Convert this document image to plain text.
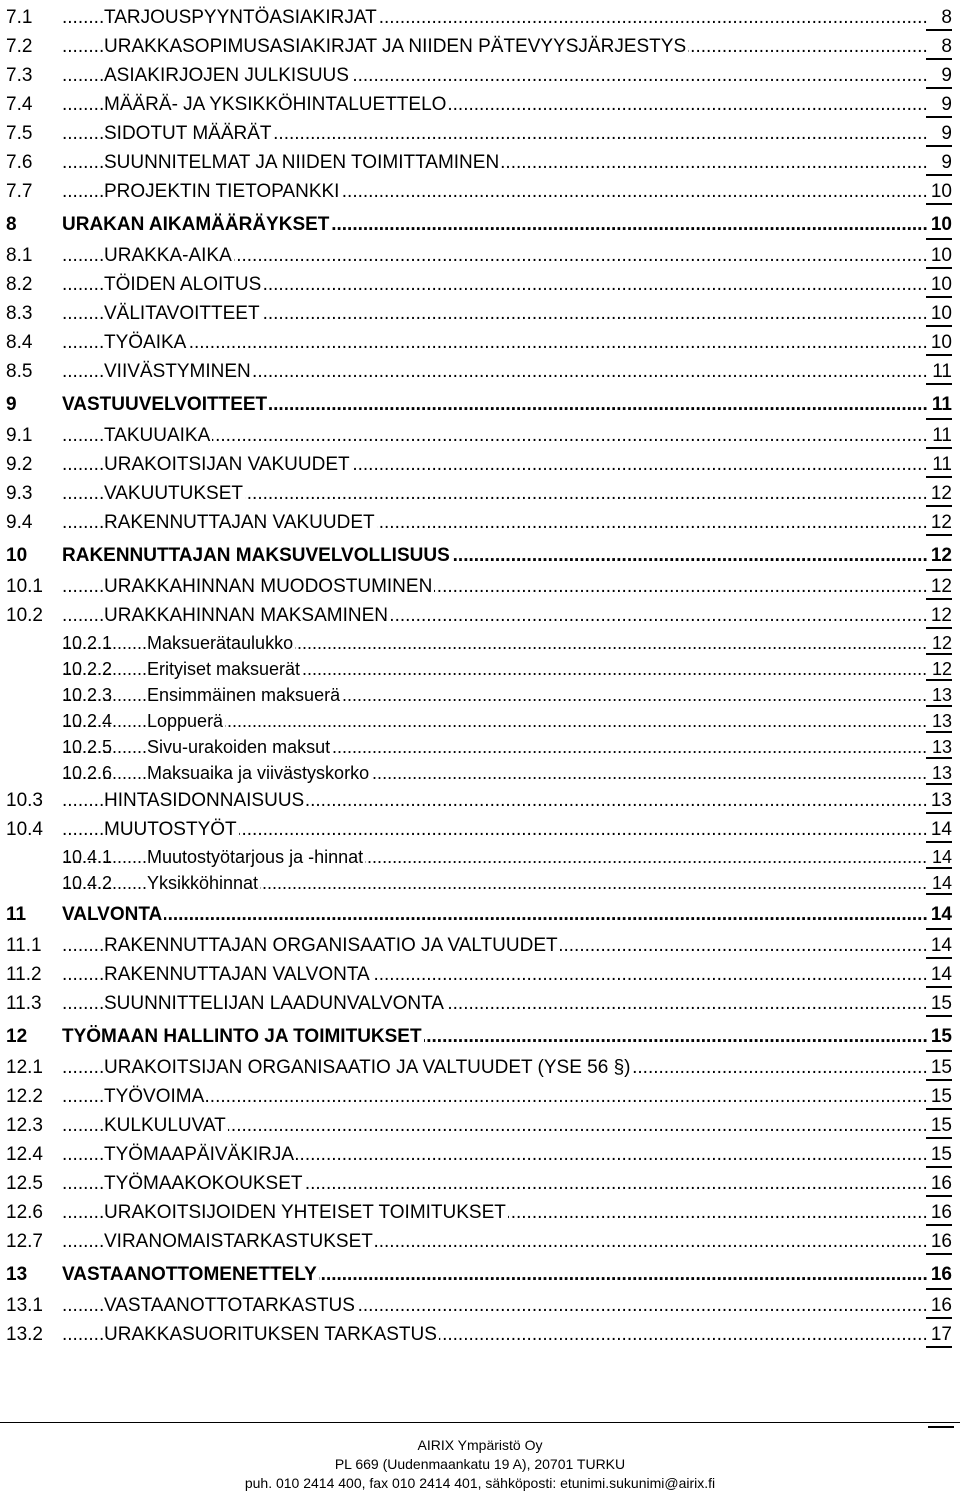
7.1 .....	TARJOUSPYYNTÖASIAKIRJAT	8
7.2 .....	URAKKASOPIMUSASIAKIRJAT JA NIIDEN PÄTEVYYSJÄRJESTYS	8
7.3 .....	ASIAKIRJOJEN JULKISUUS	9
7.4 .....	MÄÄRÄ- JA YKSIKKÖHINTALUETTELO	9
7.5 .....	SIDOTUT MÄÄRÄT	9
7.6 .....	SUUNNITELMAT JA NIIDEN TOIMITTAMINEN	9
7.7 .....	PROJEKTIN TIETOPANKKI	10
8 ..... URAKAN AIKAMÄÄRÄYKSET	10
8.1 .....	URAKKA-AIKA	10
8.2 .....	TÖIDEN ALOITUS	10
8.3 .....	VÄLITAVOITTEET	10
8.4 .....	TYÖAIKA	10
8.5 .....	VIIVÄSTYMINEN	11
9 ..... VASTUUVELVOITTEET	11
9.1 .....	TAKUUAIKA	11
9.2 .....	URAKOITSIJAN VAKUUDET	11
9.3 .....	VAKUUTUKSET	12
9.4 .....	RAKENNUTTAJAN VAKUUDET	12
10 ..... RAKENNUTTAJAN MAKSUVELVOLLISUUS	12
10.1 .....	URAKKAHINNAN MUODOSTUMINEN	12
10.2 .....	URAKKAHINNAN MAKSAMINEN	12
10.2.1 ..... Maksuerätaulukko	12
10.2.2 ..... Erityiset maksuerät	12
10.2.3 ..... Ensimmäinen maksuerä	13
10.2.4 ..... Loppuerä	13
10.2.5 ..... Sivu-urakoiden maksut	13
10.2.6 ..... Maksuaika ja viivästyskorko	13
10.3 .....	HINTASIDONNAISUUS	13
10.4 .....	MUUTOSTYÖT	14
10.4.1 ..... Muutostyötarjous ja -hinnat	14
10.4.2 ..... Yksikköhinnat	14
11 ..... VALVONTA	14
11.1 .....	RAKENNUTTAJAN ORGANISAATIO JA VALTUUDET	14
11.2 .....	RAKENNUTTAJAN VALVONTA	14
11.3 .....	SUUNNITTELIJAN LAADUNVALVONTA	15
12 ..... TYÖMAAN HALLINTO JA TOIMITUKSET	15
12.1 .....	URAKOITSIJAN ORGANISAATIO JA VALTUUDET (YSE 56 §)	15
12.2 .....	TYÖVOIMA	15
12.3 .....	KULKULUVAT	15
12.4 .....	TYÖMAAPÄIVÄKIRJA	15
12.5 .....	TYÖMAAKOKOUKSET	16
12.6 .....	URAKOITSIJOIDEN YHTEISET TOIMITUKSET	16
12.7 .....	VIRANOMAISTARKASTUKSET	16
13 ..... VASTAANOTTOMENETTELY	16
13.1 .....	VASTAANOTTOTARKASTUS	16
13.2 .....	URAKKASUORITUKSEN TARKASTUS	17
AIRIX Ympäristö Oy
PL 669 (Uudenmaankatu 19 A), 20701 TURKU
puh. 010 2414 400, fax 010 2414 401, sähköposti: etunimi.sukunimi@airix.fi
